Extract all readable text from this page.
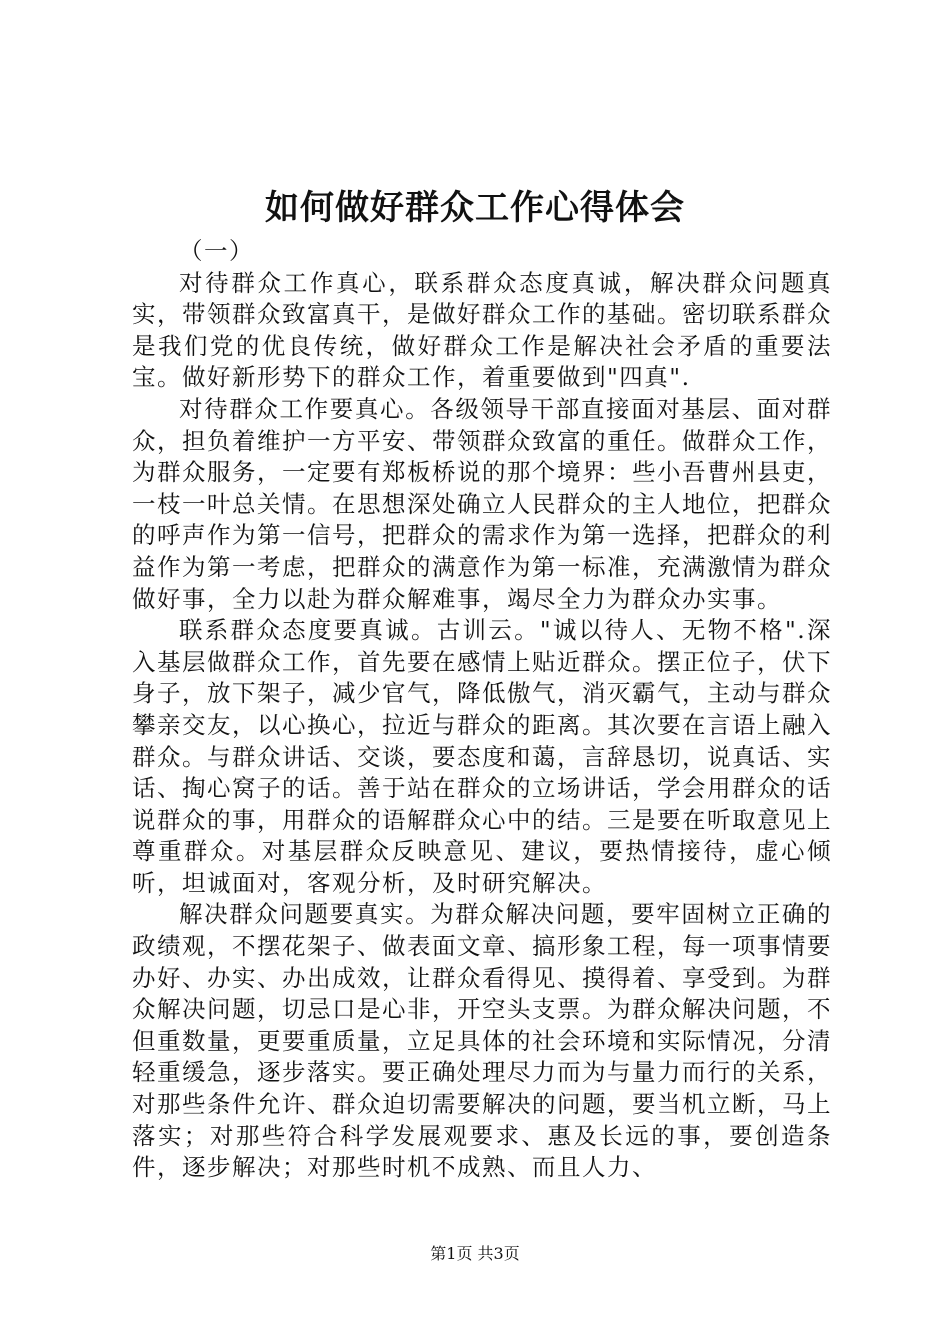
如何做好群众工作心得体会

（一）

对待群众工作真心，联系群众态度真诚，解决群众问题真实，带领群众致富真干，是做好群众工作的基础。密切联系群众是我们党的优良传统，做好群众工作是解决社会矛盾的重要法宝。做好新形势下的群众工作，着重要做到"四真".

对待群众工作要真心。各级领导干部直接面对基层、面对群众，担负着维护一方平安、带领群众致富的重任。做群众工作，为群众服务，一定要有郑板桥说的那个境界：些小吾曹州县吏，一枝一叶总关情。在思想深处确立人民群众的主人地位，把群众的呼声作为第一信号，把群众的需求作为第一选择，把群众的利益作为第一考虑，把群众的满意作为第一标准，充满激情为群众做好事，全力以赴为群众解难事，竭尽全力为群众办实事。

联系群众态度要真诚。古训云。"诚以待人、无物不格".深入基层做群众工作，首先要在感情上贴近群众。摆正位子，伏下身子，放下架子，减少官气，降低傲气，消灭霸气，主动与群众攀亲交友，以心换心，拉近与群众的距离。其次要在言语上融入群众。与群众讲话、交谈，要态度和蔼，言辞恳切，说真话、实话、掏心窝子的话。善于站在群众的立场讲话，学会用群众的话说群众的事，用群众的语解群众心中的结。三是要在听取意见上尊重群众。对基层群众反映意见、建议，要热情接待，虚心倾听，坦诚面对，客观分析，及时研究解决。

解决群众问题要真实。为群众解决问题，要牢固树立正确的政绩观，不摆花架子、做表面文章、搞形象工程，每一项事情要办好、办实、办出成效，让群众看得见、摸得着、享受到。为群众解决问题，切忌口是心非，开空头支票。为群众解决问题，不但重数量，更要重质量，立足具体的社会环境和实际情况，分清轻重缓急，逐步落实。要正确处理尽力而为与量力而行的关系，对那些条件允许、群众迫切需要解决的问题，要当机立断，马上落实；对那些符合科学发展观要求、惠及长远的事，要创造条件，逐步解决；对那些时机不成熟、而且人力、

第1页 共3页
